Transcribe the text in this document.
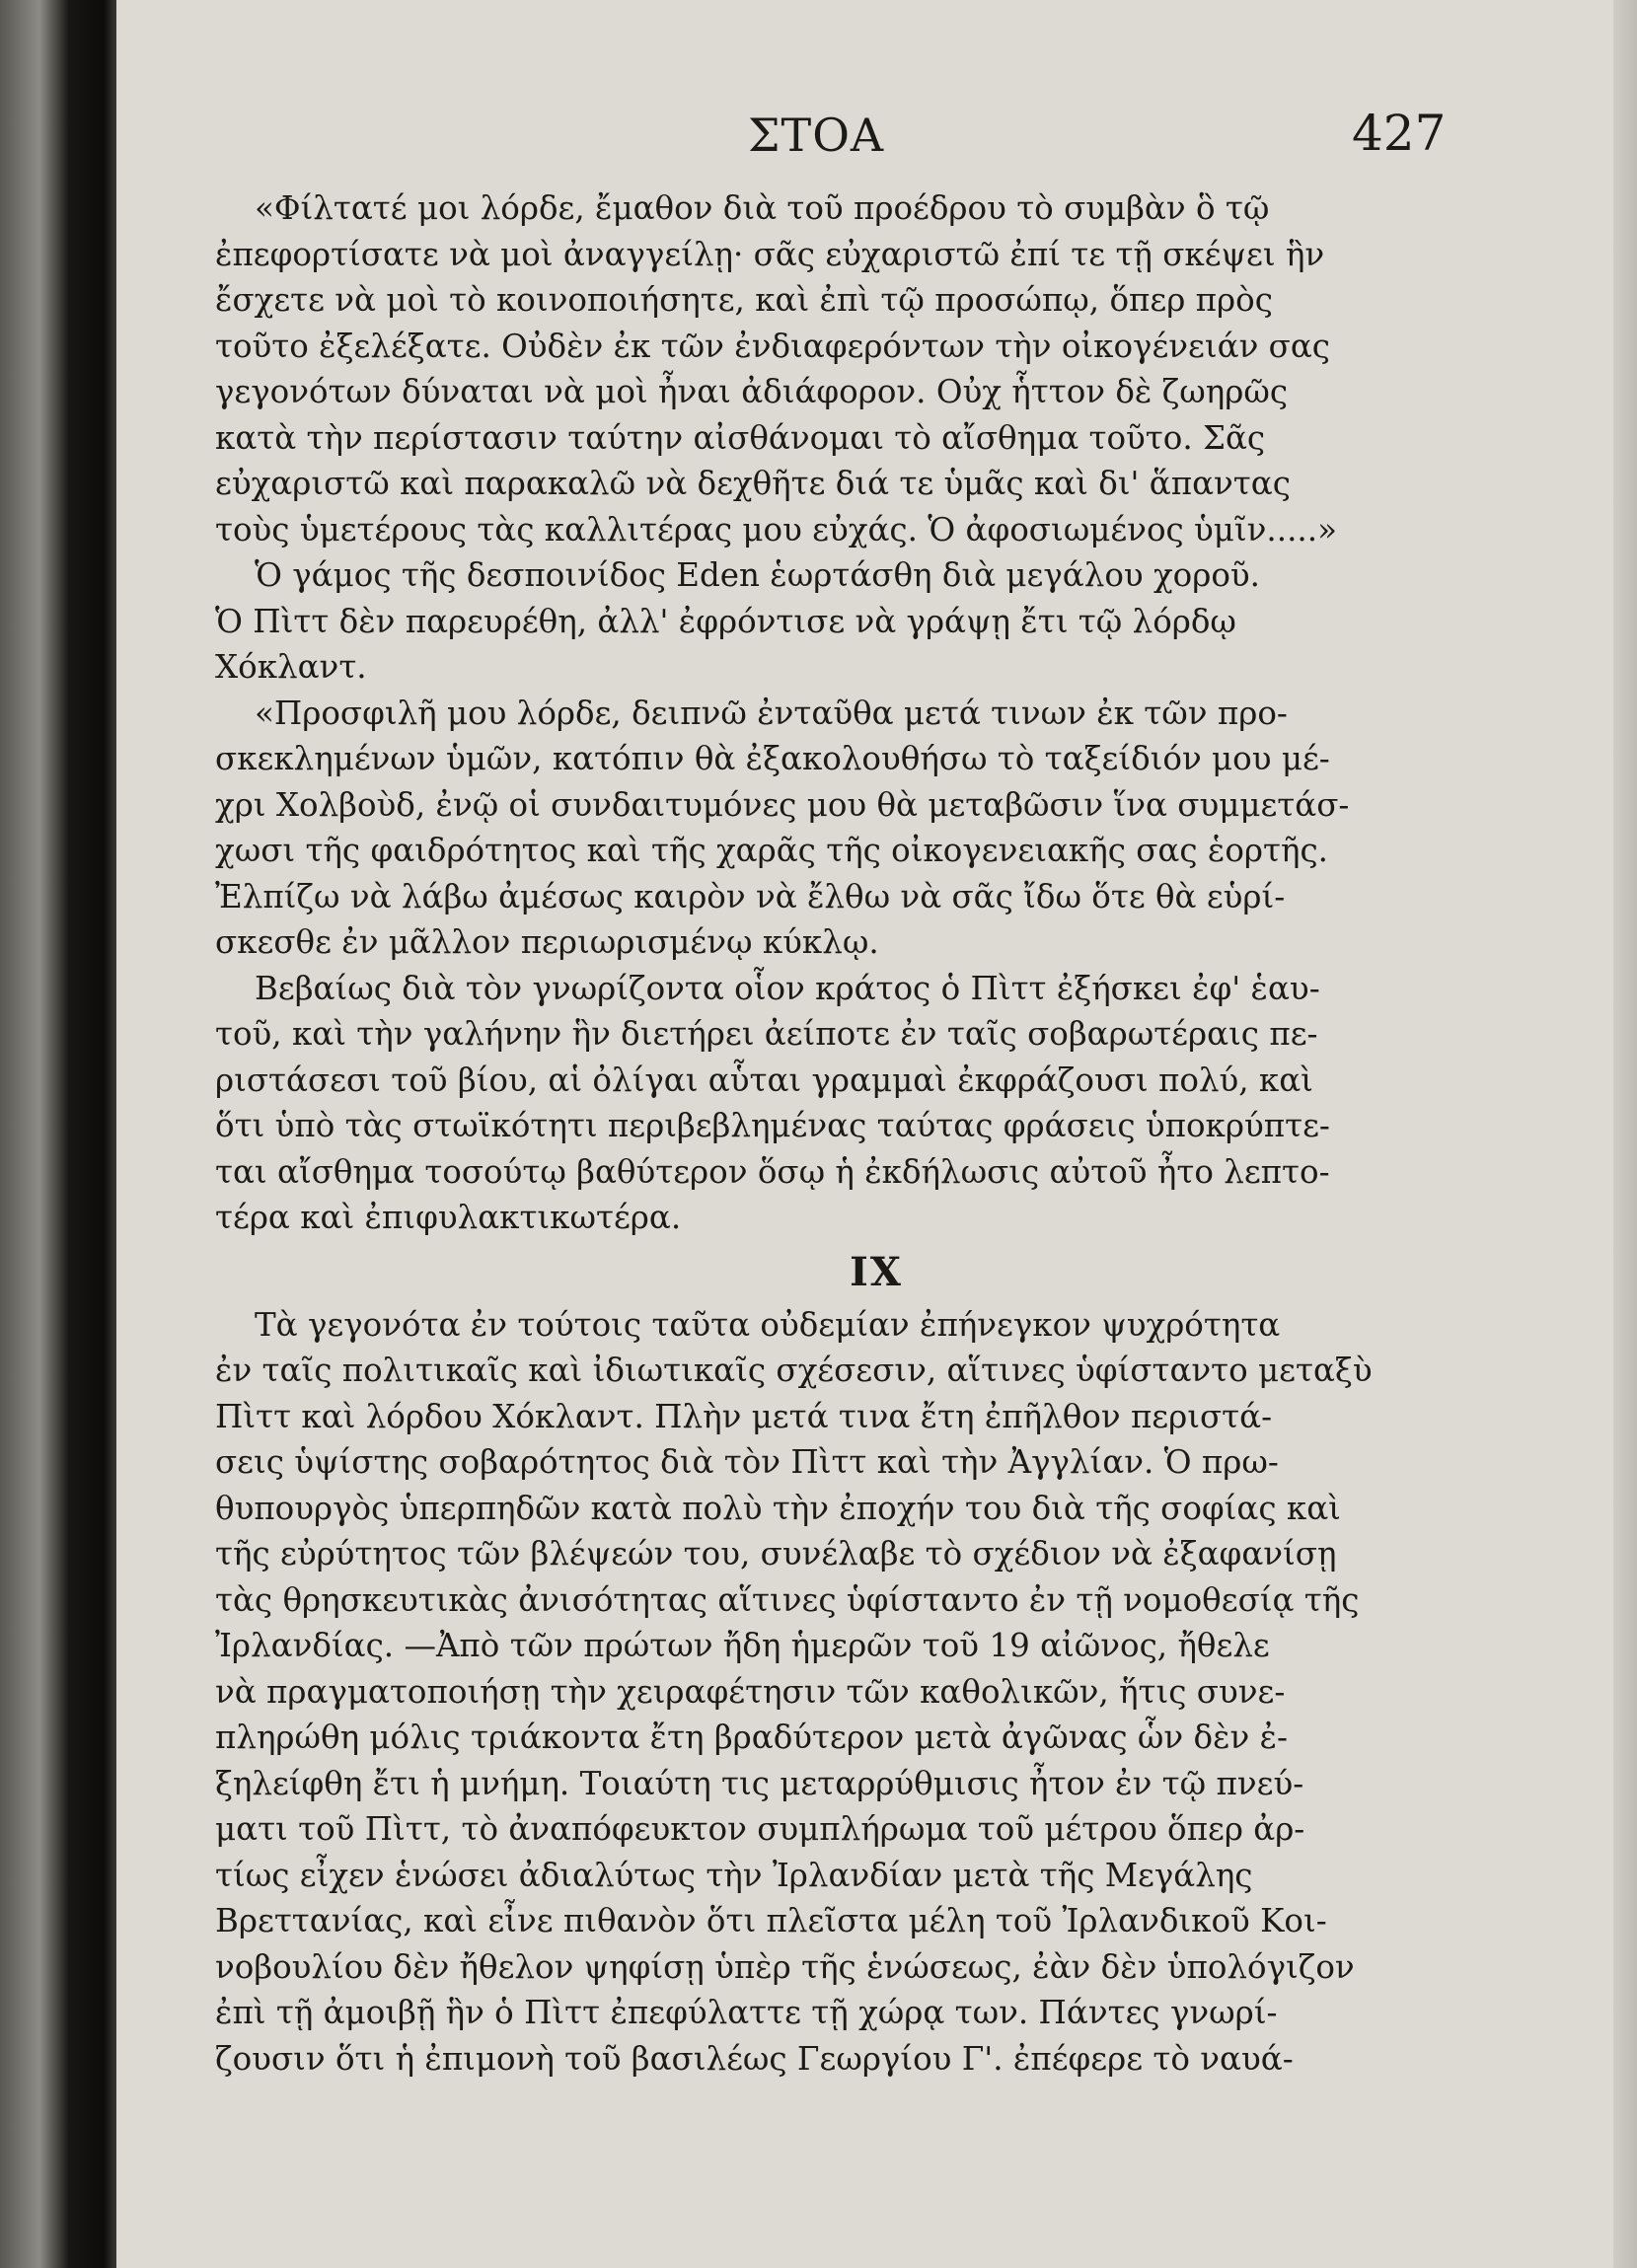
ΣΤΟΑ	427

«Φίλτατέ μοι λόρδε, ἔμαθον διὰ τοῦ προέδρου τὸ συμβὰν ὃ τῷ
ἐπεφορτίσατε νὰ μοὶ ἀναγγείλῃ· σᾶς εὐχαριστῶ ἐπί τε τῇ σκέψει ἣν
ἔσχετε νὰ μοὶ τὸ κοινοποιήσητε, καὶ ἐπὶ τῷ προσώπῳ, ὅπερ πρὸς
τοῦτο ἐξελέξατε. Οὐδὲν ἐκ τῶν ἐνδιαφερόντων τὴν οἰκογένειάν σας
γεγονότων δύναται νὰ μοὶ ἦναι ἀδιάφορον. Οὐχ ἧττον δὲ ζωηρῶς
κατὰ τὴν περίστασιν ταύτην αἰσθάνομαι τὸ αἴσθημα τοῦτο. Σᾶς
εὐχαριστῶ καὶ παρακαλῶ νὰ δεχθῆτε διά τε ὑμᾶς καὶ δι' ἅπαντας
τοὺς ὑμετέρους τὰς καλλιτέρας μου εὐχάς. Ὁ ἀφοσιωμένος ὑμῖν.....»

Ὁ γάμος τῆς δεσποινίδος Eden ἑωρτάσθη διὰ μεγάλου χοροῦ.
Ὁ Πὶττ δὲν παρευρέθη, ἀλλ' ἐφρόντισε νὰ γράψῃ ἔτι τῷ λόρδῳ
Χόκλαντ.

«Προσφιλῆ μου λόρδε, δειπνῶ ἐνταῦθα μετά τινων ἐκ τῶν προ-
σκεκλημένων ὑμῶν, κατόπιν θὰ ἐξακολουθήσω τὸ ταξείδιόν μου μέ-
χρι Χολβοὺδ, ἐνῷ οἱ συνδαιτυμόνες μου θὰ μεταβῶσιν ἵνα συμμετάσ-
χωσι τῆς φαιδρότητος καὶ τῆς χαρᾶς τῆς οἰκογενειακῆς σας ἑορτῆς.
Ἐλπίζω νὰ λάβω ἀμέσως καιρὸν νὰ ἔλθω νὰ σᾶς ἴδω ὅτε θὰ εὑρί-
σκεσθε ἐν μᾶλλον περιωρισμένῳ κύκλῳ.

Βεβαίως διὰ τὸν γνωρίζοντα οἷον κράτος ὁ Πὶττ ἐξήσκει ἐφ' ἑαυ-
τοῦ, καὶ τὴν γαλήνην ἣν διετήρει ἀείποτε ἐν ταῖς σοβαρωτέραις πε-
ριστάσεσι τοῦ βίου, αἱ ὀλίγαι αὗται γραμμαὶ ἐκφράζουσι πολύ, καὶ
ὅτι ὑπὸ τὰς στωϊκότητι περιβεβλημένας ταύτας φράσεις ὑποκρύπτε-
ται αἴσθημα τοσούτῳ βαθύτερον ὅσῳ ἡ ἐκδήλωσις αὐτοῦ ἦτο λεπτο-
τέρα καὶ ἐπιφυλακτικωτέρα.

IX

Τὰ γεγονότα ἐν τούτοις ταῦτα οὐδεμίαν ἐπήνεγκον ψυχρότητα
ἐν ταῖς πολιτικαῖς καὶ ἰδιωτικαῖς σχέσεσιν, αἵτινες ὑφίσταντο μεταξὺ
Πὶττ καὶ λόρδου Χόκλαντ. Πλὴν μετά τινα ἔτη ἐπῆλθον περιστά-
σεις ὑψίστης σοβαρότητος διὰ τὸν Πὶττ καὶ τὴν Ἀγγλίαν. Ὁ πρω-
θυπουργὸς ὑπερπηδῶν κατὰ πολὺ τὴν ἐποχήν του διὰ τῆς σοφίας καὶ
τῆς εὐρύτητος τῶν βλέψεών του, συνέλαβε τὸ σχέδιον νὰ ἐξαφανίσῃ
τὰς θρησκευτικὰς ἀνισότητας αἵτινες ὑφίσταντο ἐν τῇ νομοθεσίᾳ τῆς
Ἰρλανδίας. —Ἀπὸ τῶν πρώτων ἤδη ἡμερῶν τοῦ 19 αἰῶνος, ἤθελε
νὰ πραγματοποιήσῃ τὴν χειραφέτησιν τῶν καθολικῶν, ἥτις συνε-
πληρώθη μόλις τριάκοντα ἔτη βραδύτερον μετὰ ἀγῶνας ὧν δὲν ἐ-
ξηλείφθη ἔτι ἡ μνήμη. Τοιαύτη τις μεταρρύθμισις ἦτον ἐν τῷ πνεύ-
ματι τοῦ Πὶττ, τὸ ἀναπόφευκτον συμπλήρωμα τοῦ μέτρου ὅπερ ἀρ-
τίως εἶχεν ἑνώσει ἀδιαλύτως τὴν Ἰρλανδίαν μετὰ τῆς Μεγάλης
Βρεττανίας, καὶ εἶνε πιθανὸν ὅτι πλεῖστα μέλη τοῦ Ἰρλανδικοῦ Κοι-
νοβουλίου δὲν ἤθελον ψηφίσῃ ὑπὲρ τῆς ἑνώσεως, ἐὰν δὲν ὑπολόγιζον
ἐπὶ τῇ ἀμοιβῇ ἣν ὁ Πὶττ ἐπεφύλαττε τῇ χώρᾳ των. Πάντες γνωρί-
ζουσιν ὅτι ἡ ἐπιμονὴ τοῦ βασιλέως Γεωργίου Γ'. ἐπέφερε τὸ ναυά-
